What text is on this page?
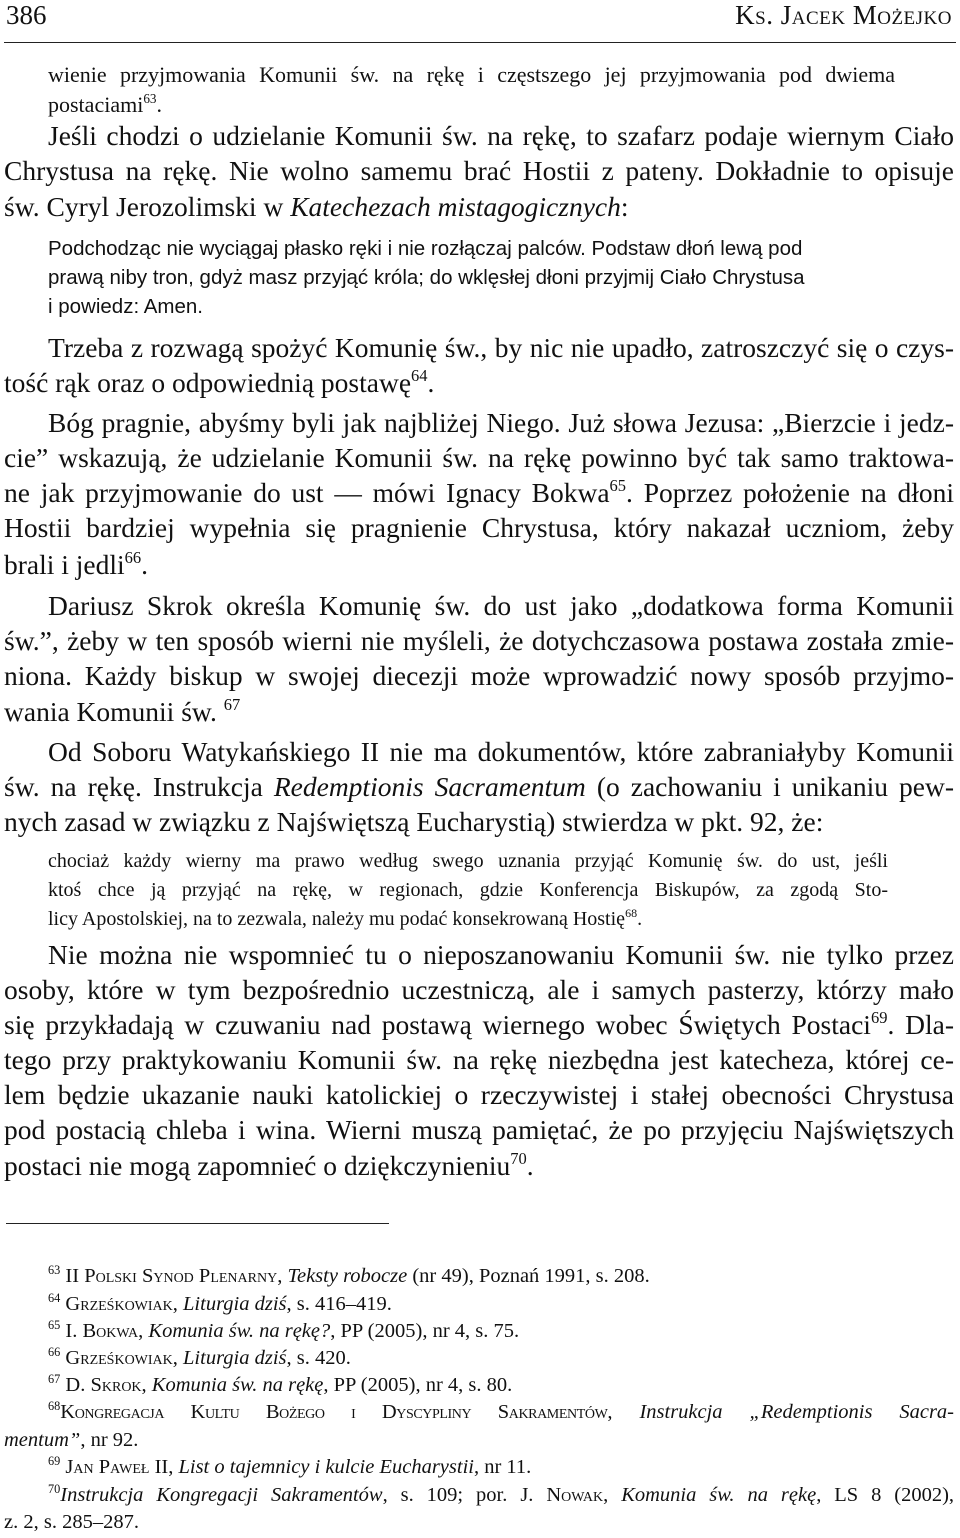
386	Ks. Jacek Możejko
wienie przyjmowania Komunii św. na rękę i częstszego jej przyjmowania pod dwiema
postaciami$^{63}$.
Jeśli chodzi o udzielanie Komunii św. na rękę, to szafarz podaje wiernym Ciało
Chrystusa na rękę. Nie wolno samemu brać Hostii z pateny. Dokładnie to opisuje
św. Cyryl Jerozolimski w Katechezach mistagogicznych:
Podchodząc nie wyciągaj płasko ręki i nie rozłączaj palców. Podstaw dłoń lewą pod
prawą niby tron, gdyż masz przyjąć króla; do wklęsłej dłoni przyjmij Ciało Chrystusa
i powiedz: Amen.
Trzeba z rozwagą spożyć Komunię św., by nic nie upadło, zatroszczyć się o czys-
tość rąk oraz o odpowiednią postawę$^{64}$.
Bóg pragnie, abyśmy byli jak najbliżej Niego. Już słowa Jezusa: „Bierzcie i jedz-
cie” wskazują, że udzielanie Komunii św. na rękę powinno być tak samo traktowa-
ne jak przyjmowanie do ust — mówi Ignacy Bokwa$^{65}$. Poprzez położenie na dłoni
Hostii bardziej wypełnia się pragnienie Chrystusa, który nakazał uczniom, żeby
brali i jedli$^{66}$.
Dariusz Skrok określa Komunię św. do ust jako „dodatkowa forma Komunii
św.”, żeby w ten sposób wierni nie myśleli, że dotychczasowa postawa została zmie-
niona. Każdy biskup w swojej diecezji może wprowadzić nowy sposób przyjmo-
wania Komunii św. $^{67}$
Od Soboru Watykańskiego II nie ma dokumentów, które zabraniałyby Komunii
św. na rękę. Instrukcja Redemptionis Sacramentum (o zachowaniu i unikaniu pew-
nych zasad w związku z Najświętszą Eucharystią) stwierdza w pkt. 92, że:
chociaż każdy wierny ma prawo według swego uznania przyjąć Komunię św. do ust, jeśli
ktoś chce ją przyjąć na rękę, w regionach, gdzie Konferencja Biskupów, za zgodą Sto-
licy Apostolskiej, na to zezwala, należy mu podać konsekrowaną Hostię$^{68}$.
Nie można nie wspomnieć tu o nieposzanowaniu Komunii św. nie tylko przez
osoby, które w tym bezpośrednio uczestniczą, ale i samych pasterzy, którzy mało
się przykładają w czuwaniu nad postawą wiernego wobec Świętych Postaci$^{69}$. Dla-
tego przy praktykowaniu Komunii św. na rękę niezbędna jest katecheza, której ce-
lem będzie ukazanie nauki katolickiej o rzeczywistej i stałej obecności Chrystusa
pod postacią chleba i wina. Wierni muszą pamiętać, że po przyjęciu Najświętszych
postaci nie mogą zapomnieć o dziękczynieniu$^{70}$.
$^{63}$ II Polski Synod Plenarny, Teksty robocze (nr 49), Poznań 1991, s. 208.
$^{64}$ Grześkowiak, Liturgia dziś, s. 416–419.
$^{65}$ I. Bokwa, Komunia św. na rękę?, PP (2005), nr 4, s. 75.
$^{66}$ Grześkowiak, Liturgia dziś, s. 420.
$^{67}$ D. Skrok, Komunia św. na rękę, PP (2005), nr 4, s. 80.
$^{68}$Kongregacja Kultu Bożego i Dyscypliny Sakramentów, Instrukcja „Redemptionis Sacra-
mentum”, nr 92.
$^{69}$ Jan Paweł II, List o tajemnicy i kulcie Eucharystii, nr 11.
$^{70}$Instrukcja Kongregacji Sakramentów, s. 109; por. J. Nowak, Komunia św. na rękę, LS 8 (2002),
z. 2, s. 285–287.
